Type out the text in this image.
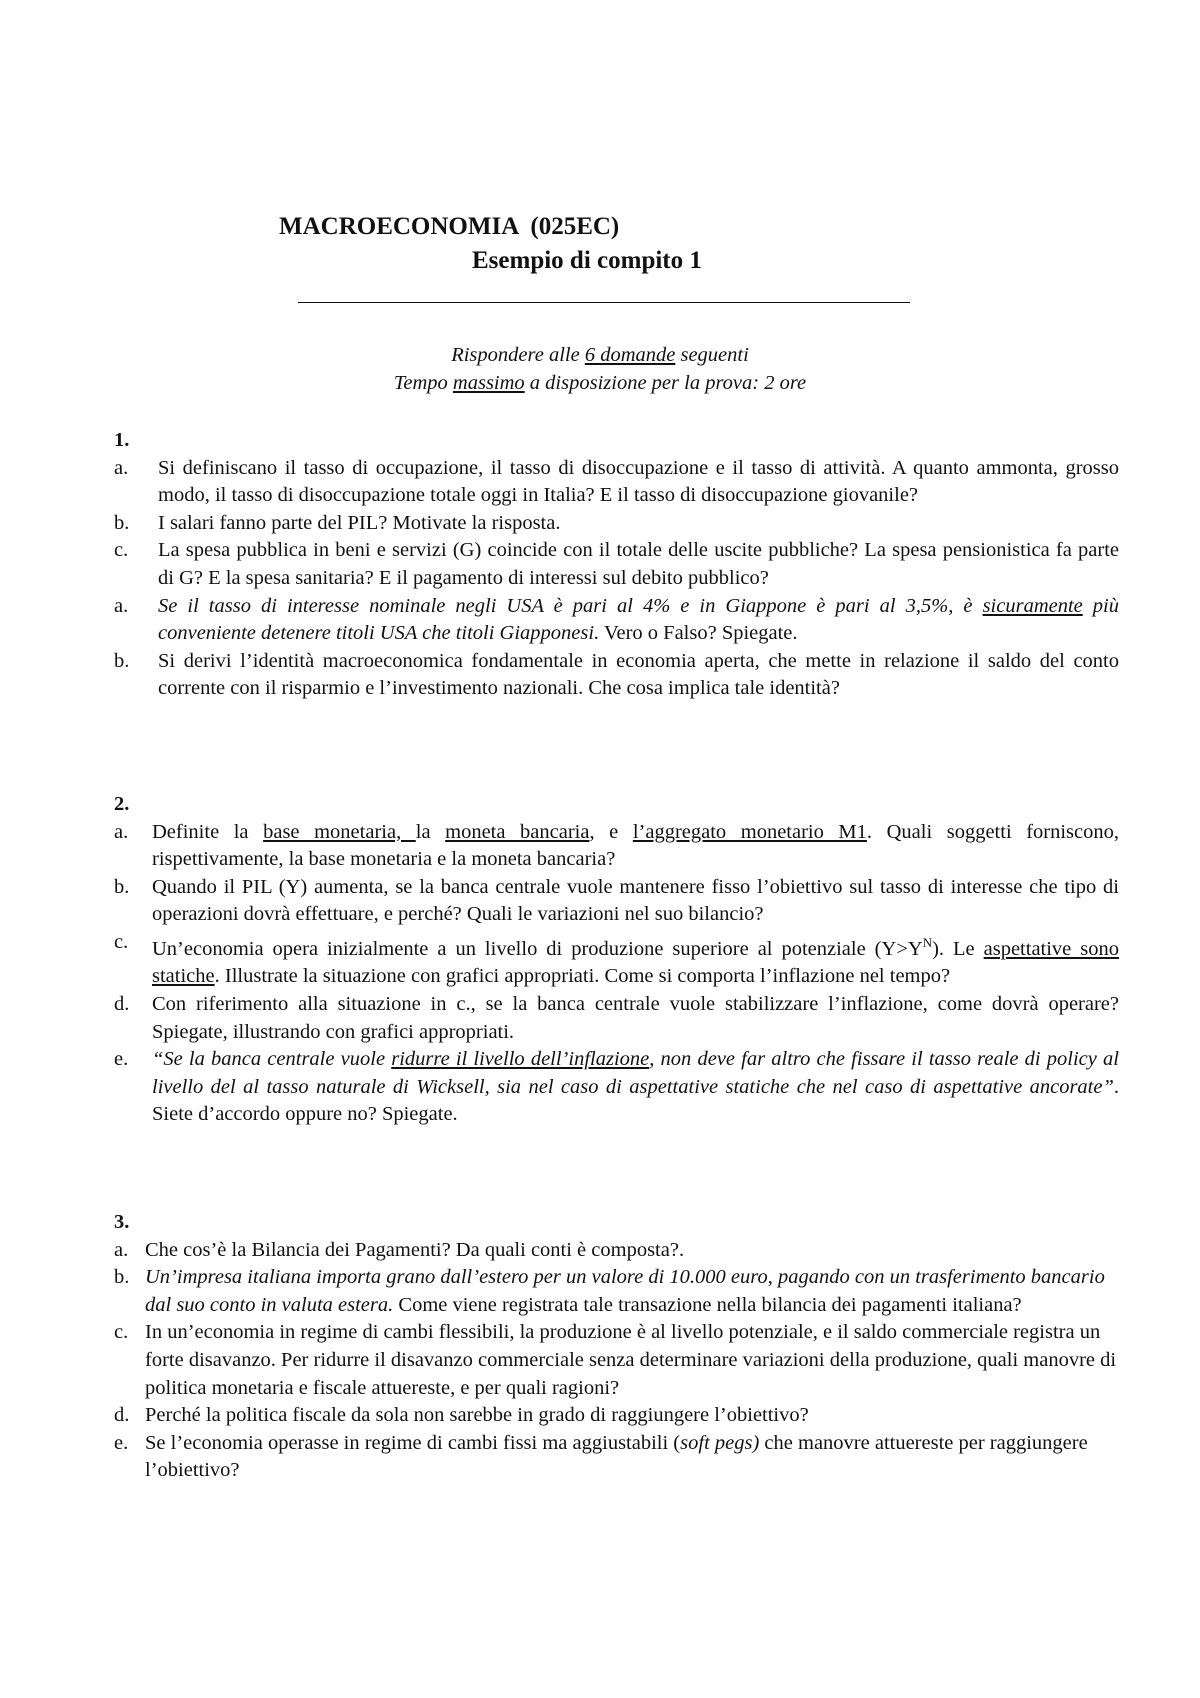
MACROECONOMIA  (025EC)

Esempio di compito 1

Rispondere alle 6 domande seguenti

Tempo massimo a disposizione per la prova: 2 ore

1.

a.	Si definiscano il tasso di occupazione, il tasso di disoccupazione e il tasso di attività. A quanto ammonta, grosso modo, il tasso di disoccupazione totale oggi in Italia? E il tasso di disoccupazione giovanile?
b.	I salari fanno parte del PIL? Motivate la risposta.
c.	La spesa pubblica in beni e servizi (G) coincide con il totale delle uscite pubbliche? La spesa pensionistica fa parte di G? E la spesa sanitaria? E il pagamento di interessi sul debito pubblico?
a.	Se il tasso di interesse nominale negli USA è pari al 4% e in Giappone è pari al 3,5%, è sicuramente più conveniente detenere titoli USA che titoli Giapponesi. Vero o Falso? Spiegate.
b.	Si derivi l’identità macroeconomica fondamentale in economia aperta, che mette in relazione il saldo del conto corrente con il risparmio e l’investimento nazionali. Che cosa implica tale identità?

2.

a.	Definite la base monetaria, la moneta bancaria, e l’aggregato monetario M1. Quali soggetti forniscono, rispettivamente, la base monetaria e la moneta bancaria?
b.	Quando il PIL (Y) aumenta, se la banca centrale vuole mantenere fisso l’obiettivo sul tasso di interesse che tipo di operazioni dovrà effettuare, e perché? Quali le variazioni nel suo bilancio?
c.	Un’economia opera inizialmente a un livello di produzione superiore al potenziale $(Y>Y^N)$. Le aspettative sono statiche. Illustrate la situazione con grafici appropriati. Come si comporta l’inflazione nel tempo?
d.	Con riferimento alla situazione in c., se la banca centrale vuole stabilizzare l’inflazione, come dovrà operare? Spiegate, illustrando con grafici appropriati.
e.	“Se la banca centrale vuole ridurre il livello dell’inflazione, non deve far altro che fissare il tasso reale di policy al livello del al tasso naturale di Wicksell, sia nel caso di aspettative statiche che nel caso di aspettative ancorate”. Siete d’accordo oppure no? Spiegate.

3.

a. Che cos’è la Bilancia dei Pagamenti? Da quali conti è composta?.
b. Un’impresa italiana importa grano dall’estero per un valore di 10.000 euro, pagando con un trasferimento bancario dal suo conto in valuta estera. Come viene registrata tale transazione nella bilancia dei pagamenti italiana?
c. In un’economia in regime di cambi flessibili, la produzione è al livello potenziale, e il saldo commerciale registra un forte disavanzo. Per ridurre il disavanzo commerciale senza determinare variazioni della produzione, quali manovre di politica monetaria e fiscale attuereste, e per quali ragioni?
d. Perché la politica fiscale da sola non sarebbe in grado di raggiungere l’obiettivo?
e. Se l’economia operasse in regime di cambi fissi ma aggiustabili (soft pegs) che manovre attuereste per raggiungere l’obiettivo?
